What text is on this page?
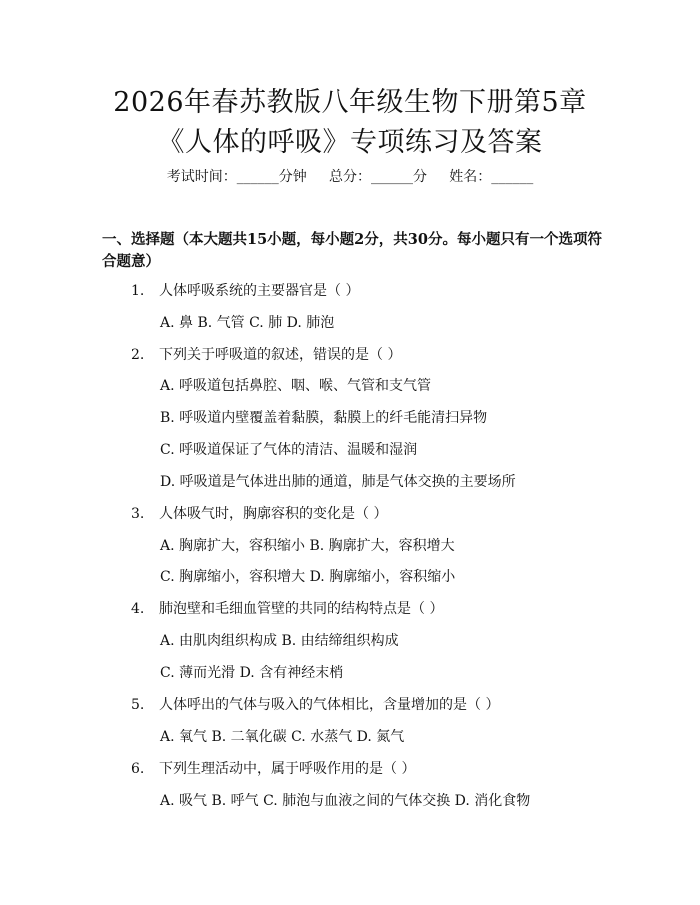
2026年春苏教版八年级生物下册第5章《人体的呼吸》专项练习及答案
考试时间：______分钟     总分：______分     姓名：______
一、选择题（本大题共15小题，每小题2分，共30分。每小题只有一个选项符合题意）
1. 人体呼吸系统的主要器官是（ ）
A. 鼻 B. 气管 C. 肺 D. 肺泡
2. 下列关于呼吸道的叙述，错误的是（ ）
A. 呼吸道包括鼻腔、咽、喉、气管和支气管
B. 呼吸道内壁覆盖着黏膜，黏膜上的纤毛能清扫异物
C. 呼吸道保证了气体的清洁、温暖和湿润
D. 呼吸道是气体进出肺的通道，肺是气体交换的主要场所
3. 人体吸气时，胸廓容积的变化是（ ）
A. 胸廓扩大，容积缩小 B. 胸廓扩大，容积增大
C. 胸廓缩小，容积增大 D. 胸廓缩小，容积缩小
4. 肺泡壁和毛细血管壁的共同的结构特点是（ ）
A. 由肌肉组织构成 B. 由结缔组织构成
C. 薄而光滑 D. 含有神经末梢
5. 人体呼出的气体与吸入的气体相比，含量增加的是（ ）
A. 氧气 B. 二氧化碳 C. 水蒸气 D. 氮气
6. 下列生理活动中，属于呼吸作用的是（ ）
A. 吸气 B. 呼气 C. 肺泡与血液之间的气体交换 D. 消化食物
